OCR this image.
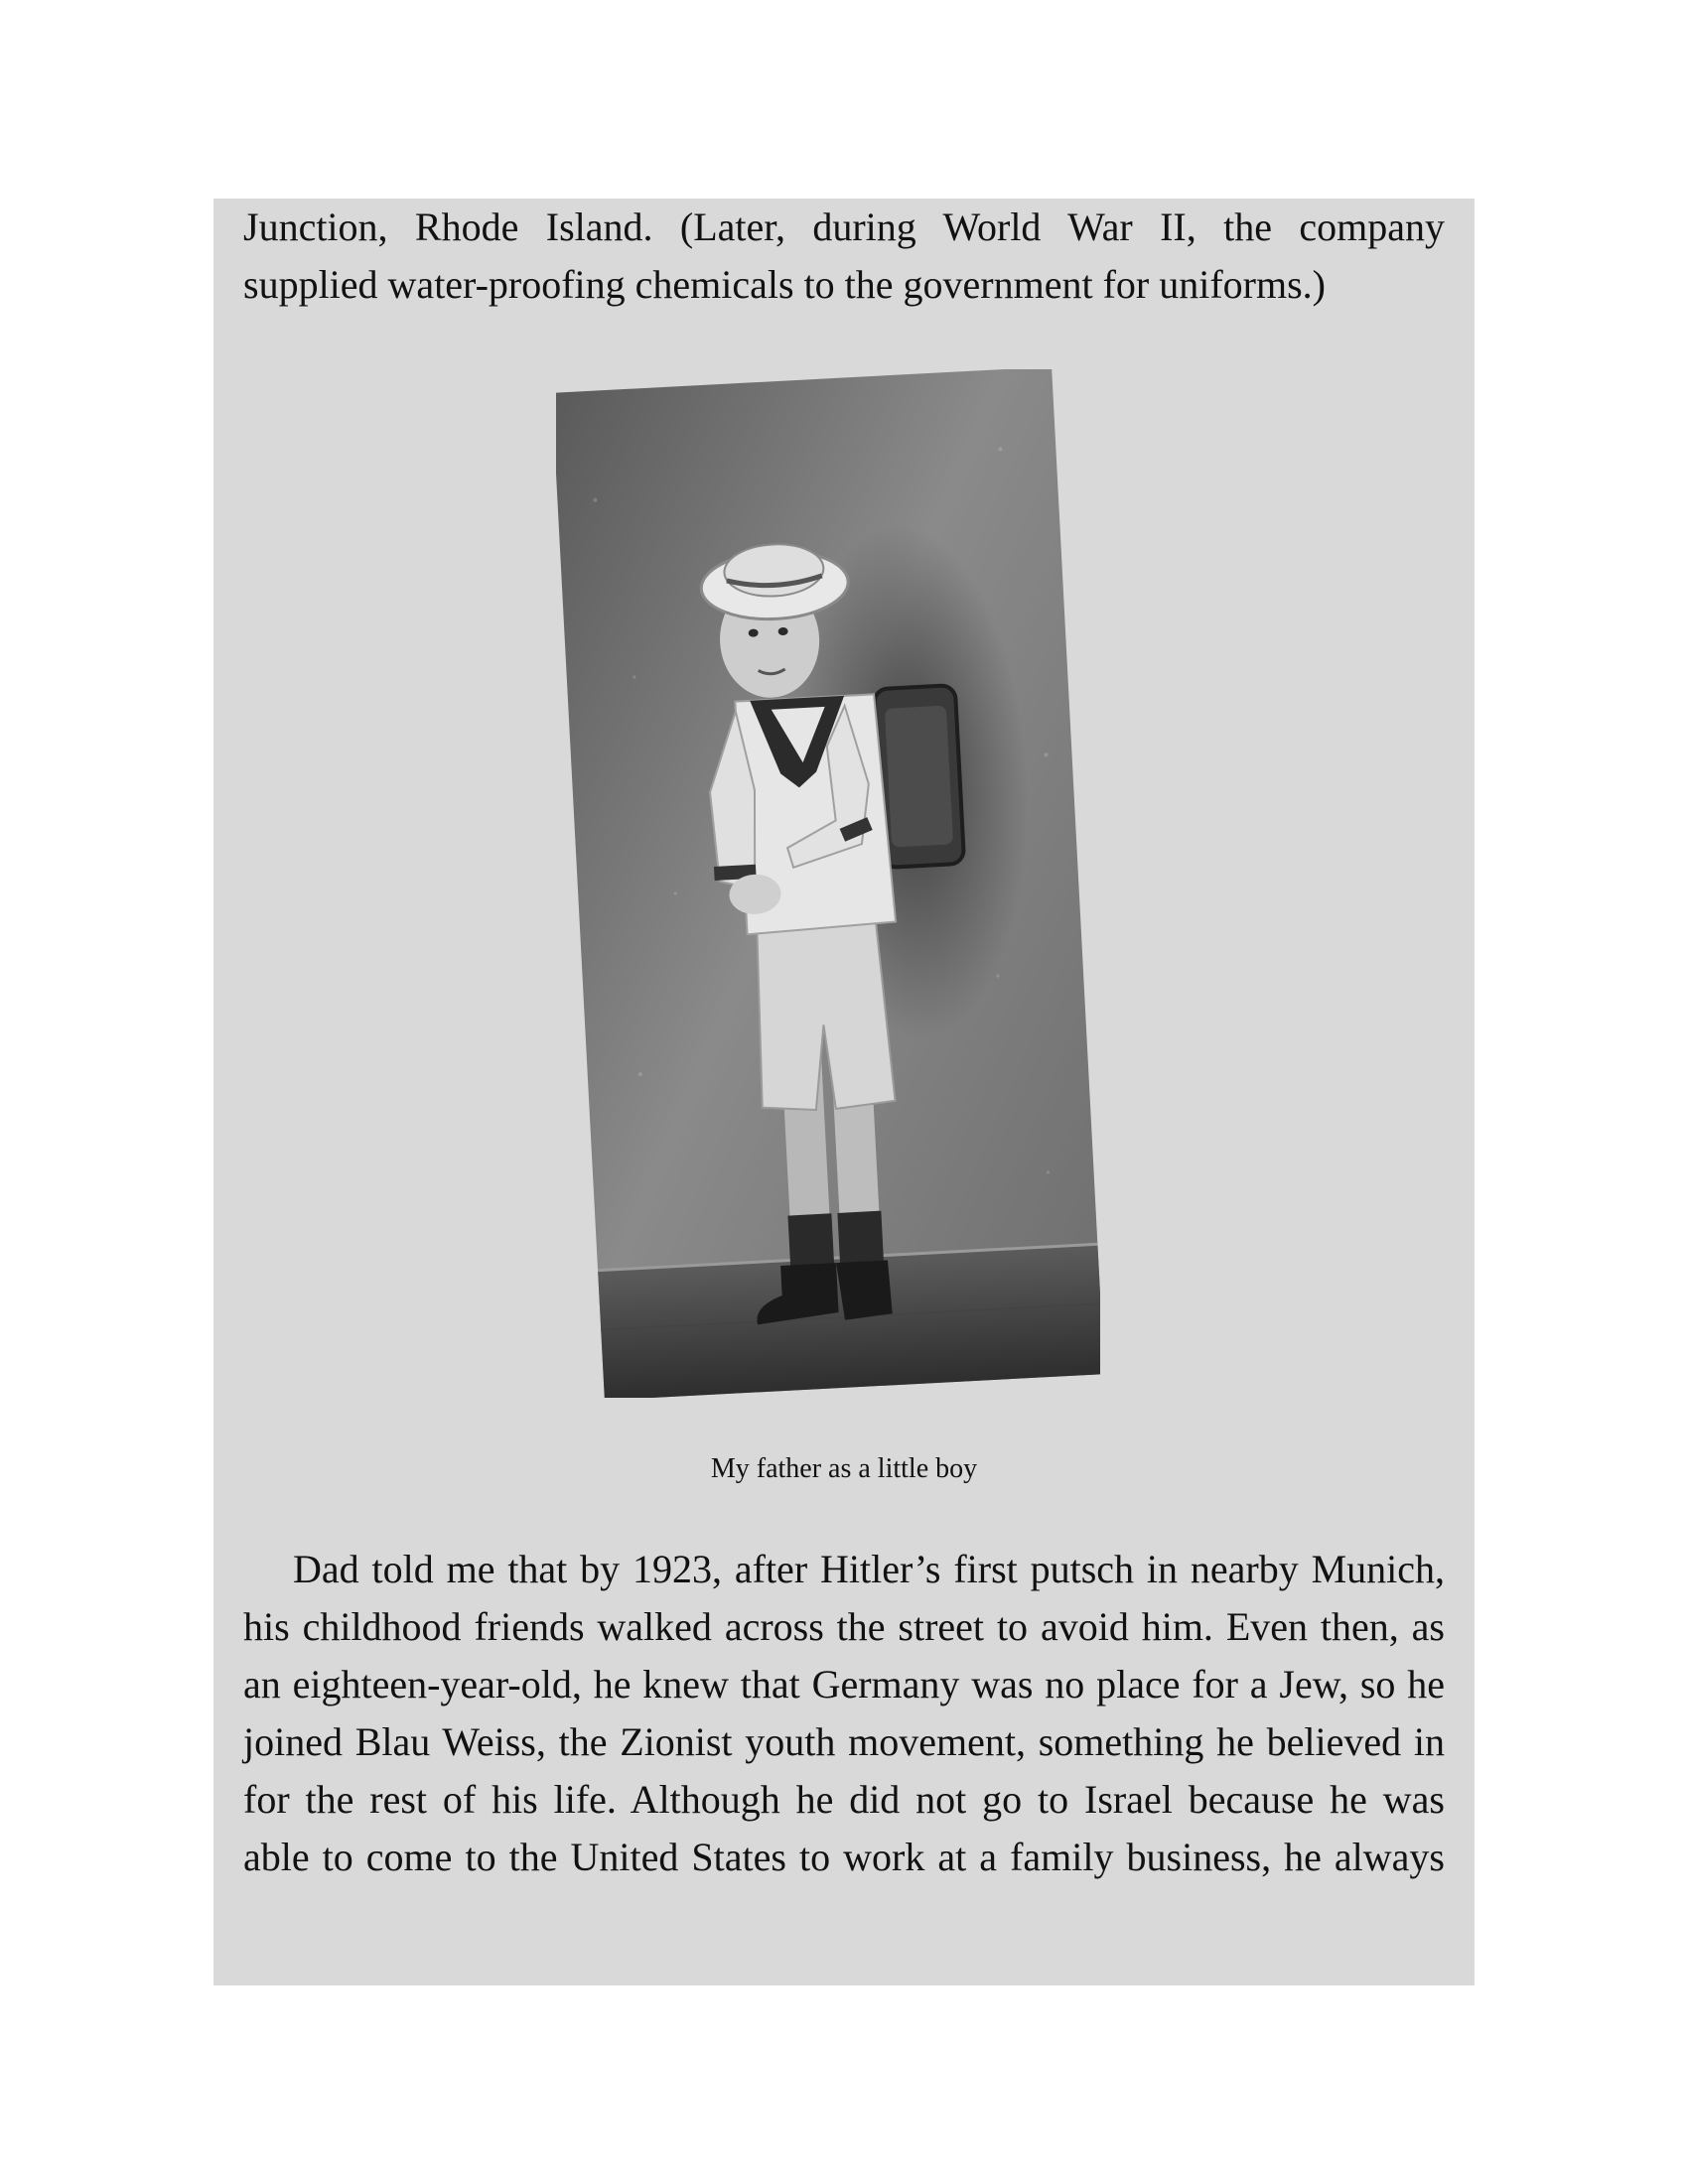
Junction, Rhode Island. (Later, during World War II, the company
supplied water-proofing chemicals to the government for uniforms.)

My father as a little boy

Dad told me that by 1923, after Hitler’s first putsch in nearby Munich,
his childhood friends walked across the street to avoid him. Even then, as
an eighteen-year-old, he knew that Germany was no place for a Jew, so he
joined Blau Weiss, the Zionist youth movement, something he believed in
for the rest of his life. Although he did not go to Israel because he was
able to come to the United States to work at a family business, he always
